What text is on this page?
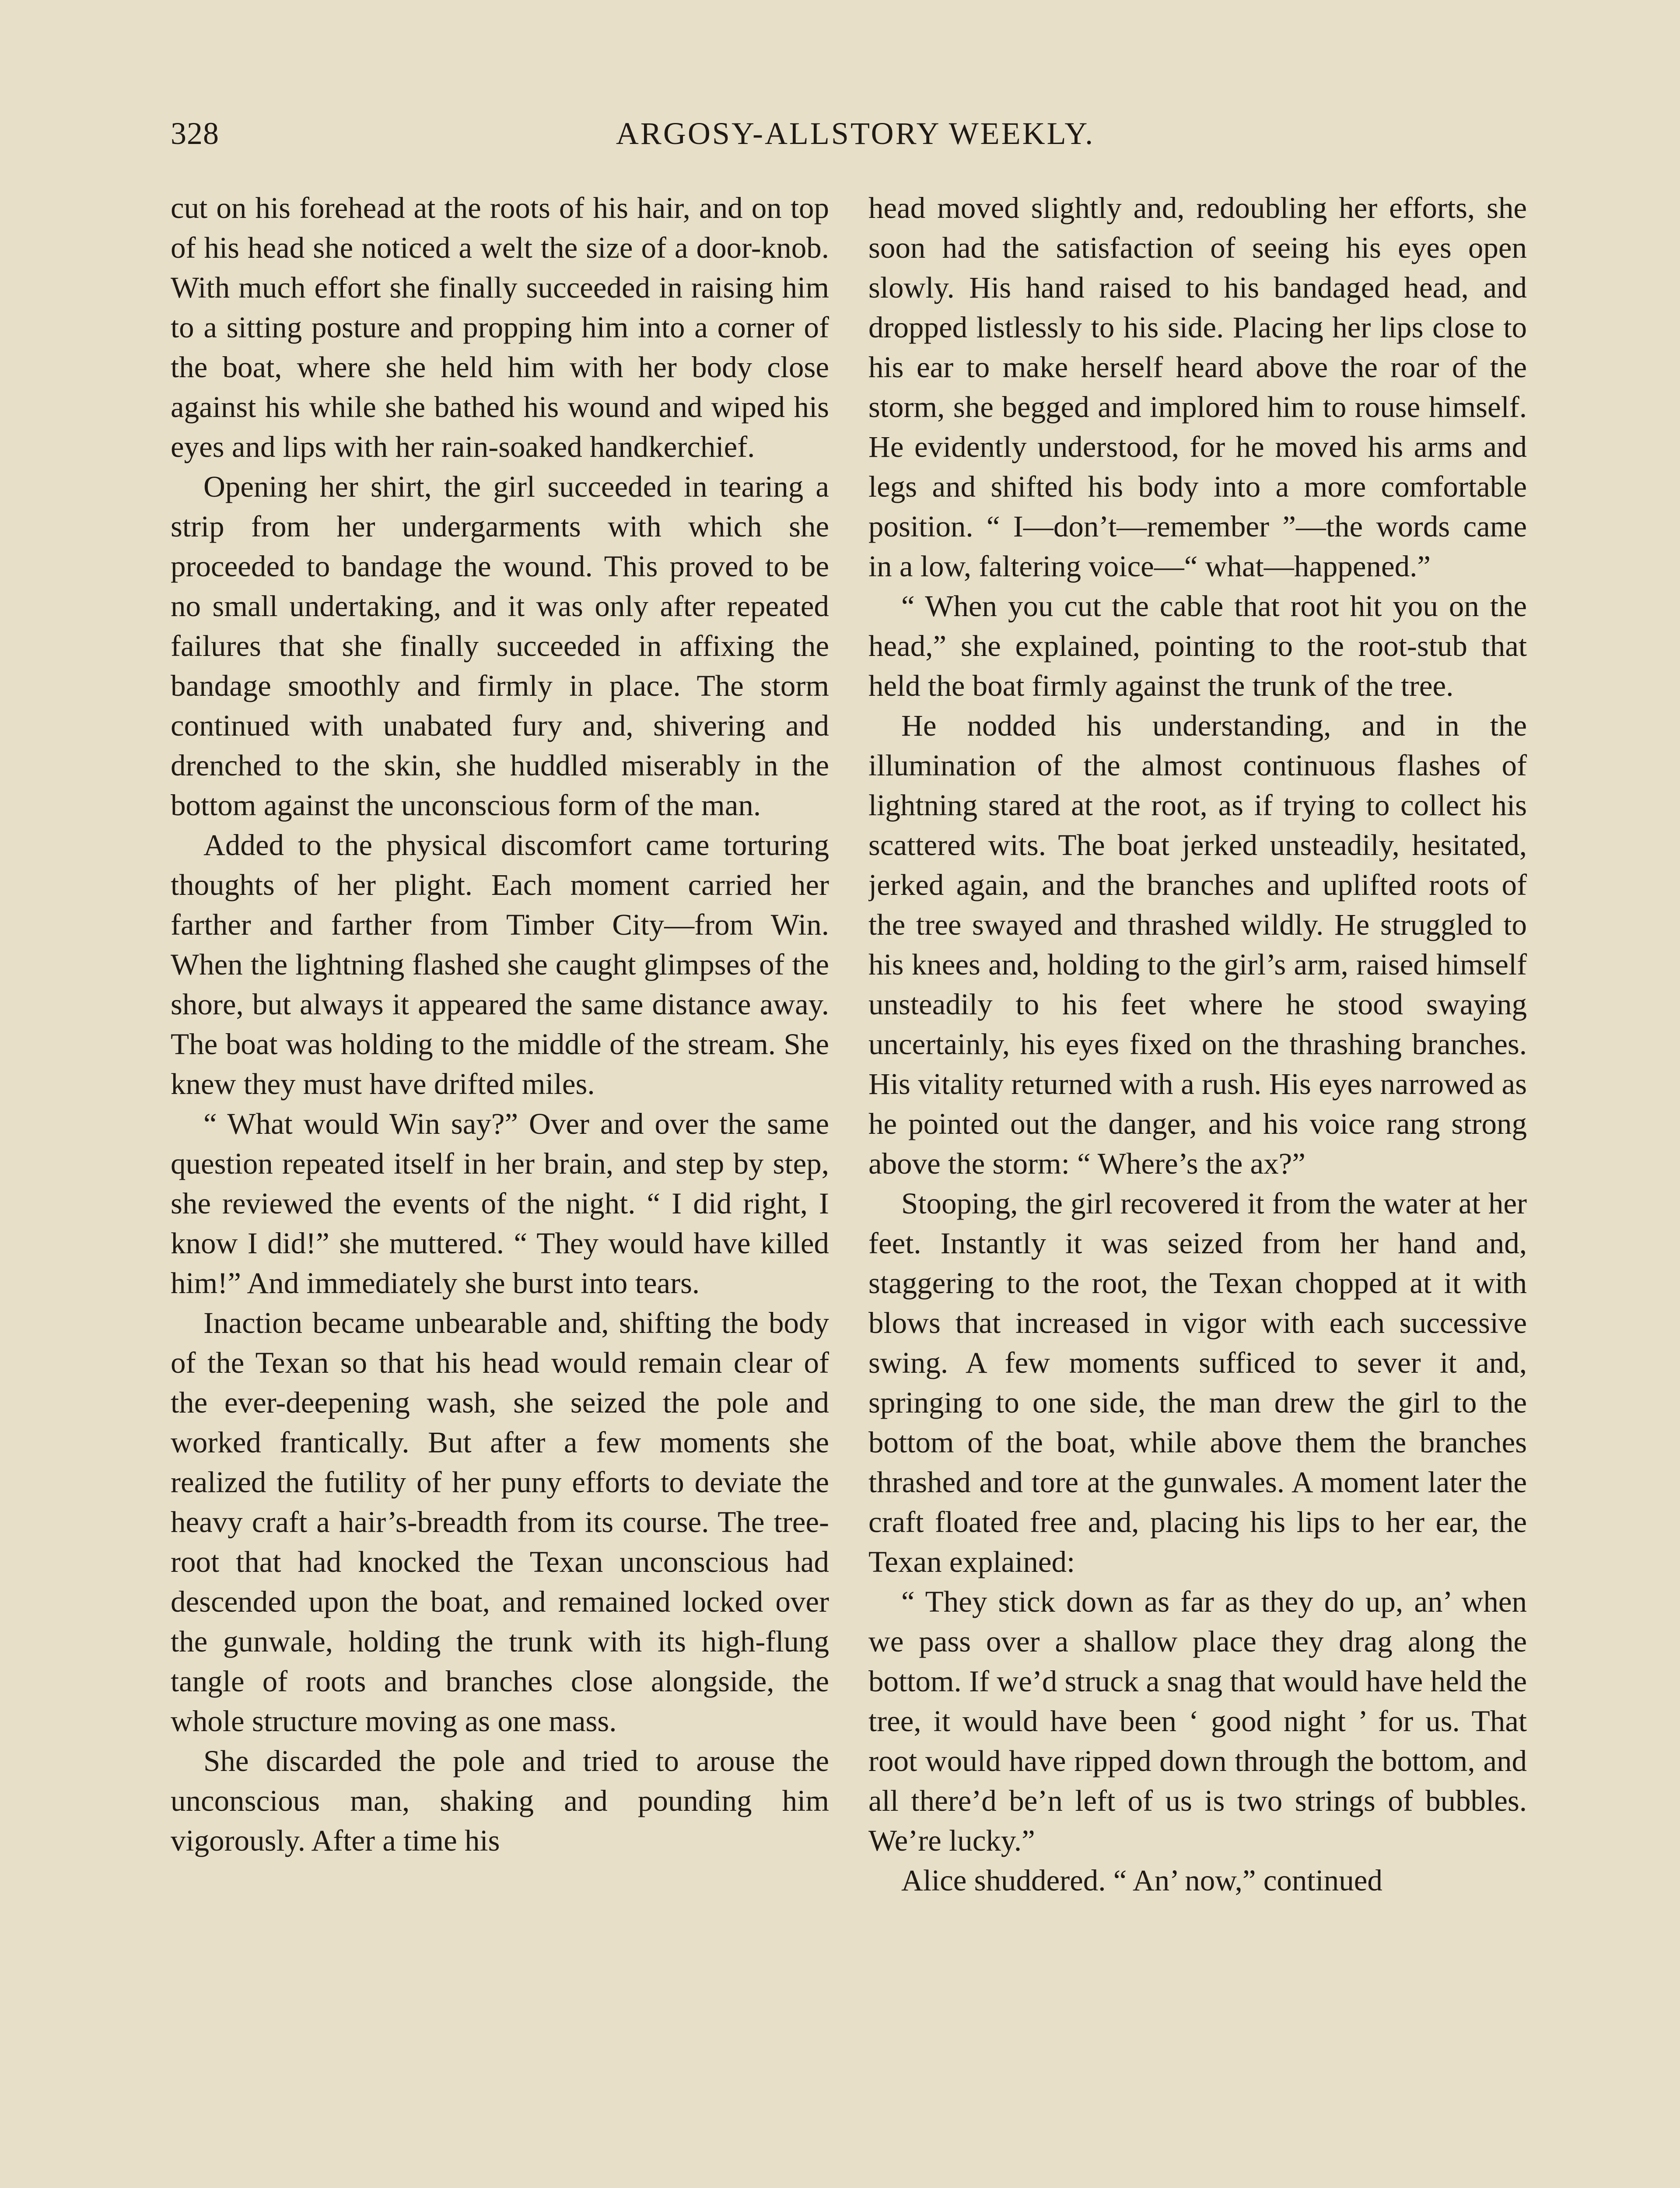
328	ARGOSY-ALLSTORY WEEKLY.

cut on his forehead at the roots of his hair, and on top of his head she noticed a welt the size of a door-knob. With much effort she finally succeeded in raising him to a sitting posture and propping him into a corner of the boat, where she held him with her body close against his while she bathed his wound and wiped his eyes and lips with her rain-soaked handkerchief.

Opening her shirt, the girl succeeded in tearing a strip from her undergarments with which she proceeded to bandage the wound. This proved to be no small undertaking, and it was only after repeated failures that she finally succeeded in affixing the bandage smoothly and firmly in place. The storm continued with unabated fury and, shivering and drenched to the skin, she huddled miserably in the bottom against the unconscious form of the man.

Added to the physical discomfort came torturing thoughts of her plight. Each moment carried her farther and farther from Timber City—from Win. When the lightning flashed she caught glimpses of the shore, but always it appeared the same distance away. The boat was holding to the middle of the stream. She knew they must have drifted miles.

“ What would Win say?” Over and over the same question repeated itself in her brain, and step by step, she reviewed the events of the night. “ I did right, I know I did!” she muttered. “ They would have killed him!” And immediately she burst into tears.

Inaction became unbearable and, shifting the body of the Texan so that his head would remain clear of the ever-deepening wash, she seized the pole and worked frantically. But after a few moments she realized the futility of her puny efforts to deviate the heavy craft a hair’s-breadth from its course. The tree-root that had knocked the Texan unconscious had descended upon the boat, and remained locked over the gunwale, holding the trunk with its high-flung tangle of roots and branches close alongside, the whole structure moving as one mass.

She discarded the pole and tried to arouse the unconscious man, shaking and pounding him vigorously. After a time his

head moved slightly and, redoubling her efforts, she soon had the satisfaction of seeing his eyes open slowly. His hand raised to his bandaged head, and dropped listlessly to his side. Placing her lips close to his ear to make herself heard above the roar of the storm, she begged and implored him to rouse himself. He evidently understood, for he moved his arms and legs and shifted his body into a more comfortable position. “ I—don’t—remember ”—the words came in a low, faltering voice—“ what—happened.”

“ When you cut the cable that root hit you on the head,” she explained, pointing to the root-stub that held the boat firmly against the trunk of the tree.

He nodded his understanding, and in the illumination of the almost continuous flashes of lightning stared at the root, as if trying to collect his scattered wits. The boat jerked unsteadily, hesitated, jerked again, and the branches and uplifted roots of the tree swayed and thrashed wildly. He struggled to his knees and, holding to the girl’s arm, raised himself unsteadily to his feet where he stood swaying uncertainly, his eyes fixed on the thrashing branches. His vitality returned with a rush. His eyes narrowed as he pointed out the danger, and his voice rang strong above the storm: “ Where’s the ax?”

Stooping, the girl recovered it from the water at her feet. Instantly it was seized from her hand and, staggering to the root, the Texan chopped at it with blows that increased in vigor with each successive swing. A few moments sufficed to sever it and, springing to one side, the man drew the girl to the bottom of the boat, while above them the branches thrashed and tore at the gunwales. A moment later the craft floated free and, placing his lips to her ear, the Texan explained:

“ They stick down as far as they do up, an’ when we pass over a shallow place they drag along the bottom. If we’d struck a snag that would have held the tree, it would have been ‘ good night ’ for us. That root would have ripped down through the bottom, and all there’d be’n left of us is two strings of bubbles. We’re lucky.”

Alice shuddered. “ An’ now,” continued
